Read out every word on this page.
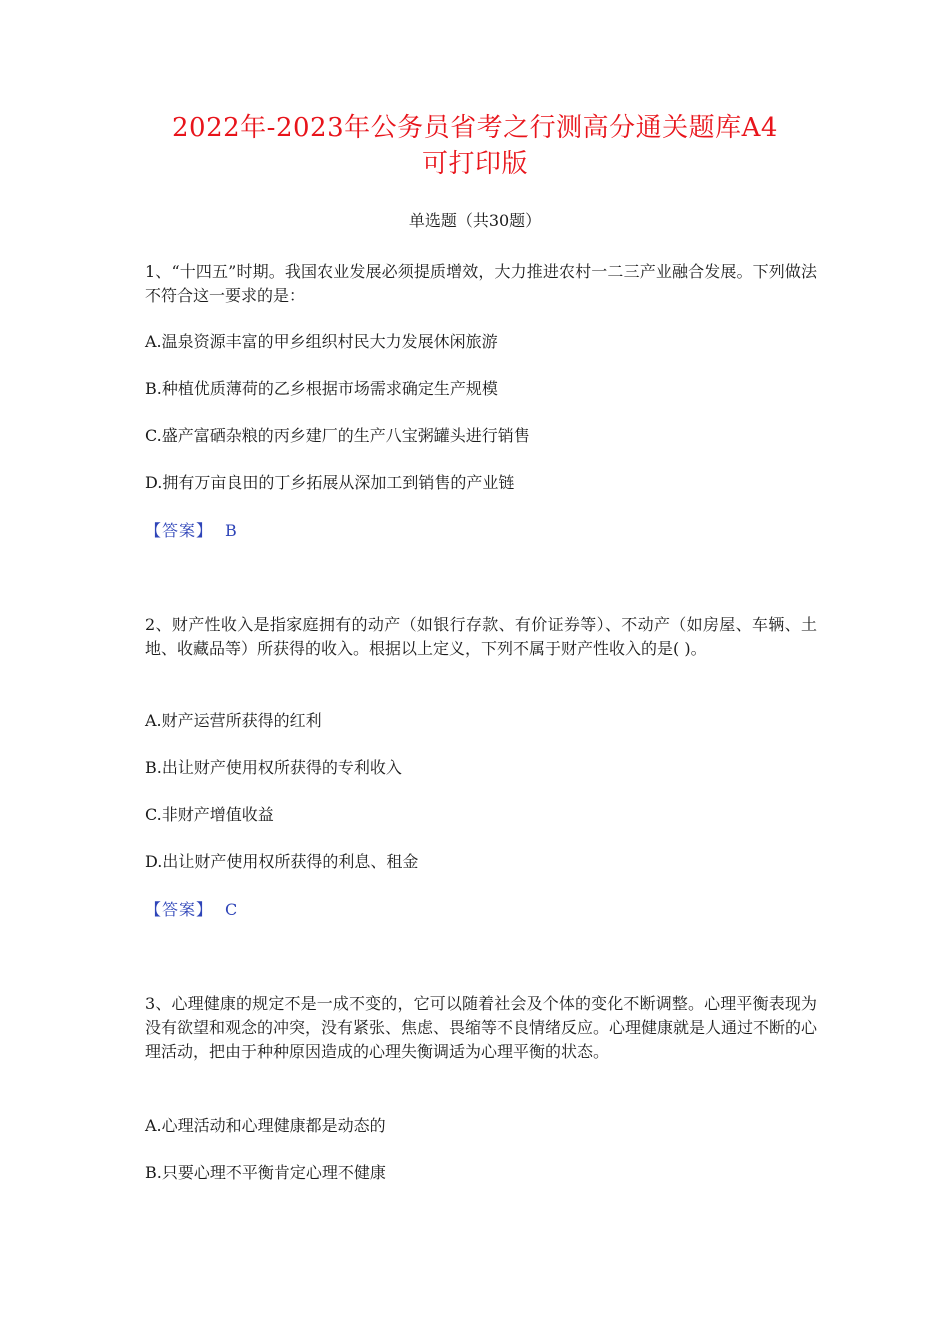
2022年-2023年公务员省考之行测高分通关题库A4
可打印版
单选题（共30题）
1、“十四五”时期。我国农业发展必须提质增效，大力推进农村一二三产业融合发展。下列做法不符合这一要求的是：
A.温泉资源丰富的甲乡组织村民大力发展休闲旅游
B.种植优质薄荷的乙乡根据市场需求确定生产规模
C.盛产富硒杂粮的丙乡建厂的生产八宝粥罐头进行销售
D.拥有万亩良田的丁乡拓展从深加工到销售的产业链
【答案】 B
2、财产性收入是指家庭拥有的动产（如银行存款、有价证券等）、不动产（如房屋、车辆、土地、收藏品等）所获得的收入。根据以上定义，下列不属于财产性收入的是( )。
A.财产运营所获得的红利
B.出让财产使用权所获得的专利收入
C.非财产增值收益
D.出让财产使用权所获得的利息、租金
【答案】 C
3、心理健康的规定不是一成不变的，它可以随着社会及个体的变化不断调整。心理平衡表现为没有欲望和观念的冲突，没有紧张、焦虑、畏缩等不良情绪反应。心理健康就是人通过不断的心理活动，把由于种种原因造成的心理失衡调适为心理平衡的状态。
A.心理活动和心理健康都是动态的
B.只要心理不平衡肯定心理不健康
